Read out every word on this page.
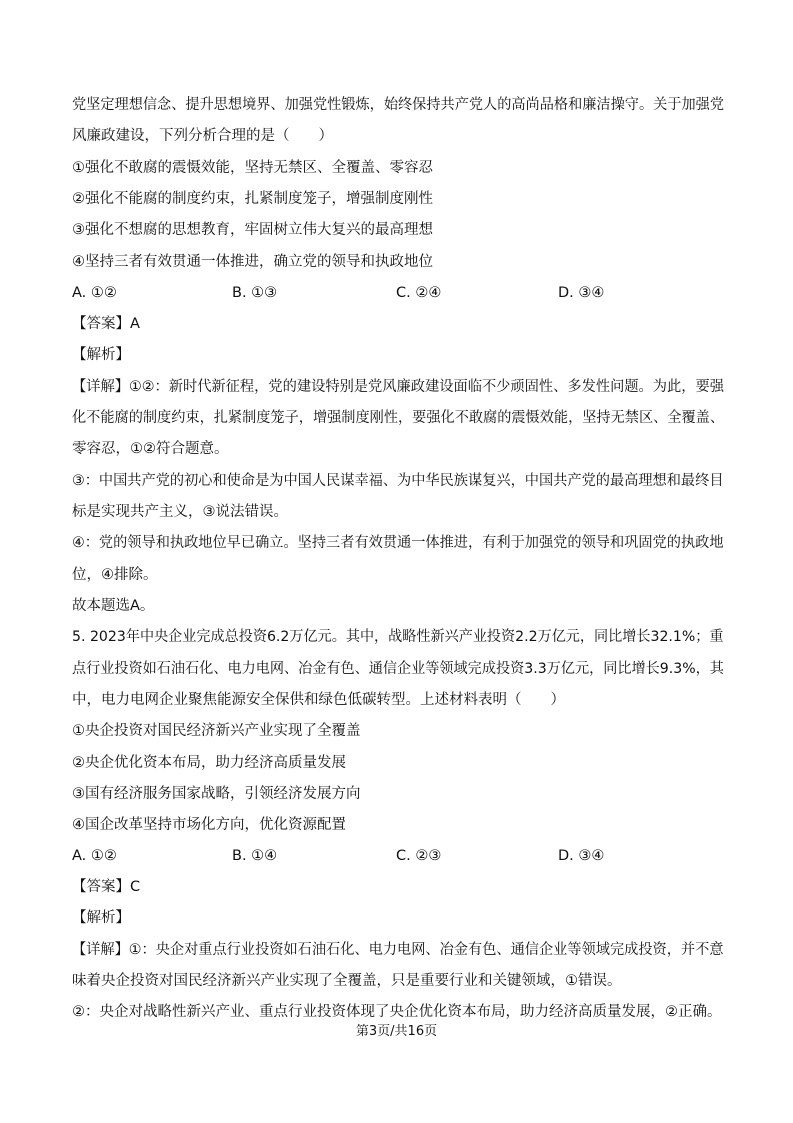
党坚定理想信念、提升思想境界、加强党性锻炼，始终保持共产党人的高尚品格和廉洁操守。关于加强党
风廉政建设，下列分析合理的是（　　）
①强化不敢腐的震慑效能，坚持无禁区、全覆盖、零容忍
②强化不能腐的制度约束，扎紧制度笼子，增强制度刚性
③强化不想腐的思想教育，牢固树立伟大复兴的最高理想
④坚持三者有效贯通一体推进，确立党的领导和执政地位
A. ①②	B. ①③	C. ②④	D. ③④
【答案】A
【解析】
【详解】①②：新时代新征程，党的建设特别是党风廉政建设面临不少顽固性、多发性问题。为此，要强
化不能腐的制度约束，扎紧制度笼子，增强制度刚性，要强化不敢腐的震慑效能，坚持无禁区、全覆盖、
零容忍，①②符合题意。
③：中国共产党的初心和使命是为中国人民谋幸福、为中华民族谋复兴，中国共产党的最高理想和最终目
标是实现共产主义，③说法错误。
④：党的领导和执政地位早已确立。坚持三者有效贯通一体推进，有利于加强党的领导和巩固党的执政地
位，④排除。
故本题选A。
5. 2023年中央企业完成总投资6.2万亿元。其中，战略性新兴产业投资2.2万亿元，同比增长32.1%；重
点行业投资如石油石化、电力电网、冶金有色、通信企业等领域完成投资3.3万亿元，同比增长9.3%，其
中，电力电网企业聚焦能源安全保供和绿色低碳转型。上述材料表明（　　）
①央企投资对国民经济新兴产业实现了全覆盖
②央企优化资本布局，助力经济高质量发展
③国有经济服务国家战略，引领经济发展方向
④国企改革坚持市场化方向，优化资源配置
A. ①②	B. ①④	C. ②③	D. ③④
【答案】C
【解析】
【详解】①：央企对重点行业投资如石油石化、电力电网、冶金有色、通信企业等领域完成投资，并不意
味着央企投资对国民经济新兴产业实现了全覆盖，只是重要行业和关键领域，①错误。
②：央企对战略性新兴产业、重点行业投资体现了央企优化资本布局，助力经济高质量发展，②正确。
第3页/共16页
